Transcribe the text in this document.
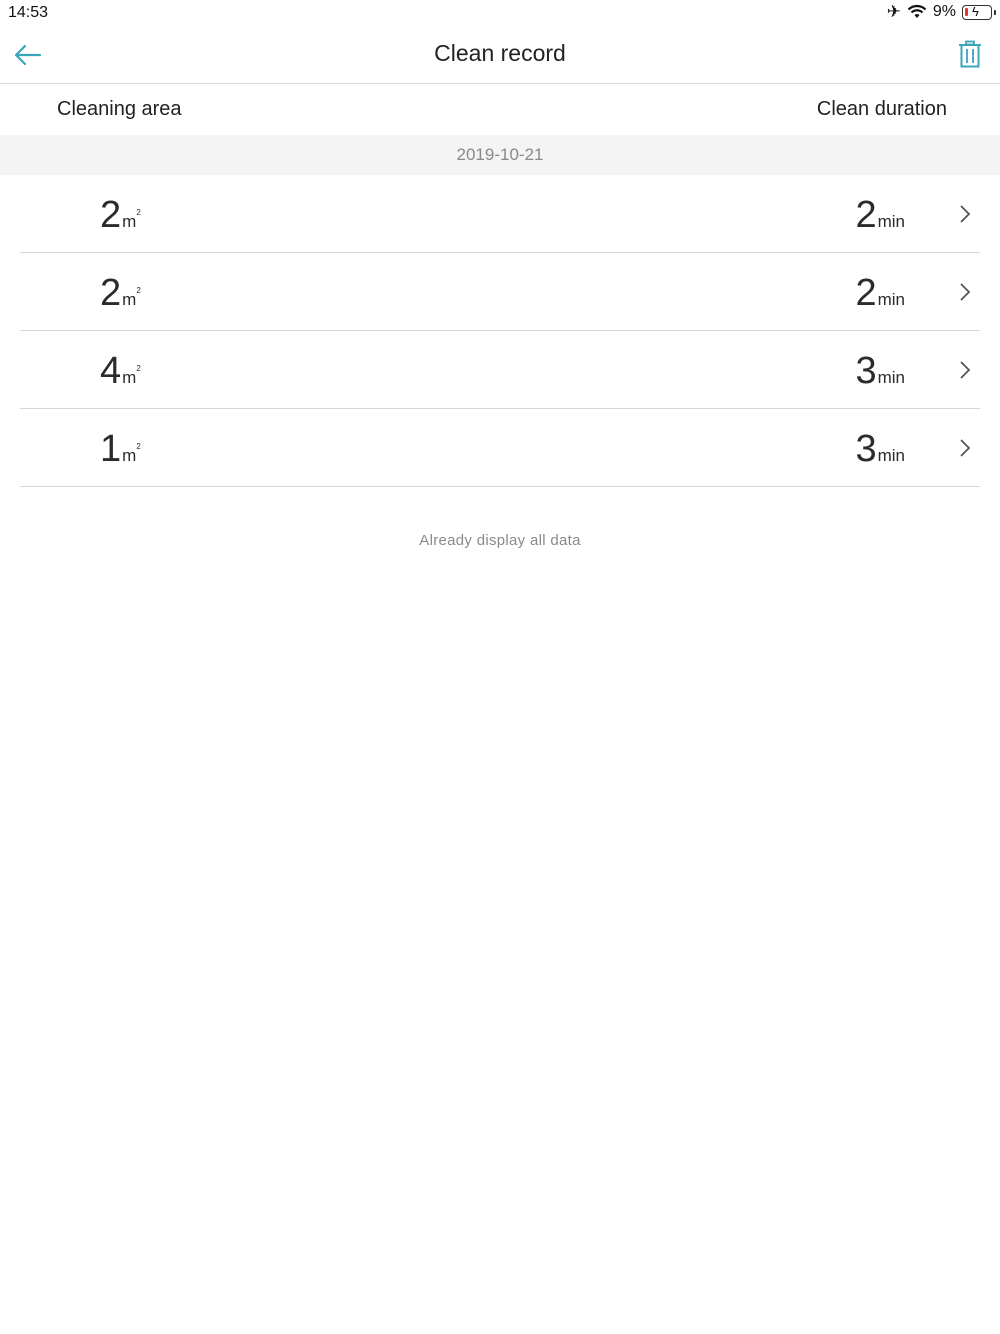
14:53	✈ 9% ϟ
Clean record
Cleaning area	Clean duration
2019-10-21
2 $m^2$	2 min
2 $m^2$	2 min
4 $m^2$	3 min
1 $m^2$	3 min
Already display all data
